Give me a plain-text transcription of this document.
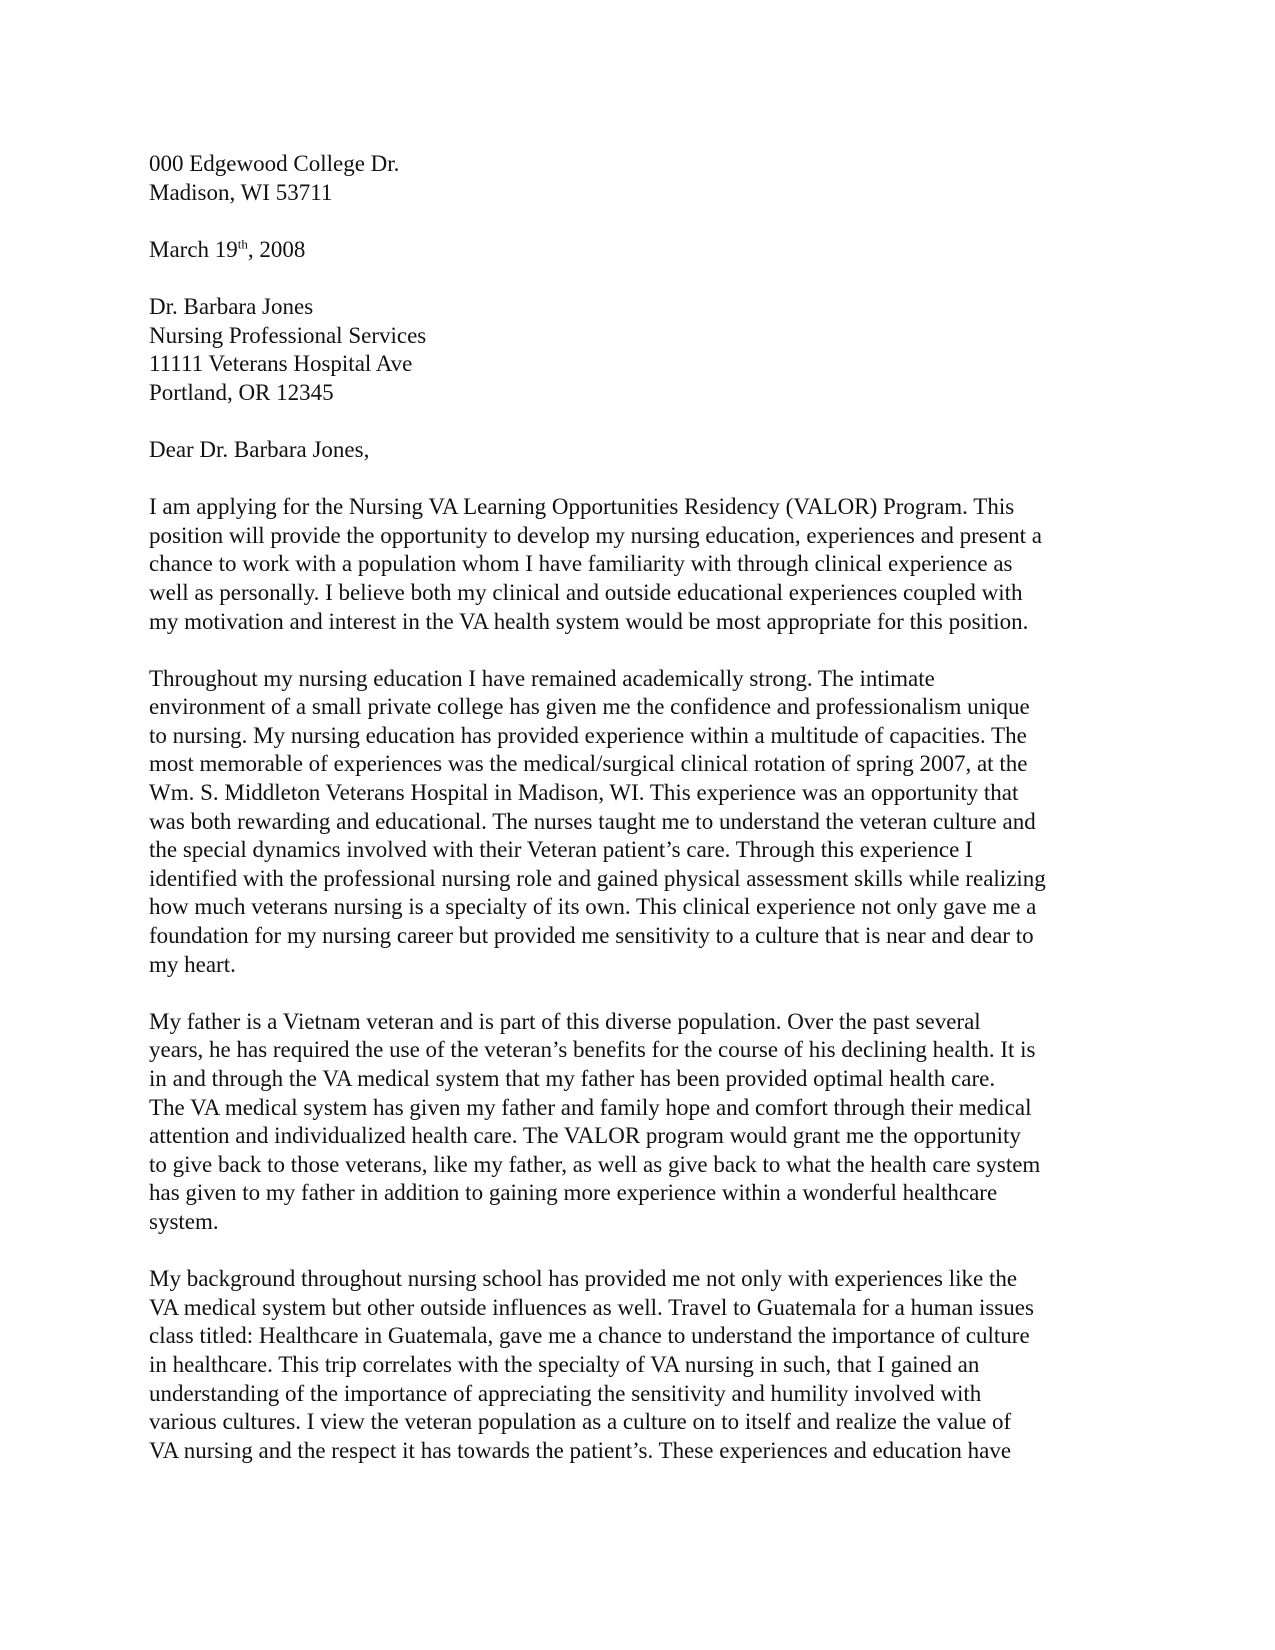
000 Edgewood College Dr.
Madison, WI 53711
March 19th, 2008
Dr. Barbara Jones
Nursing Professional Services
11111 Veterans Hospital Ave
Portland, OR 12345
Dear Dr. Barbara Jones,
I am applying for the Nursing VA Learning Opportunities Residency (VALOR) Program. This
position will provide the opportunity to develop my nursing education, experiences and present a
chance to work with a population whom I have familiarity with through clinical experience as
well as personally. I believe both my clinical and outside educational experiences coupled with
my motivation and interest in the VA health system would be most appropriate for this position.
Throughout my nursing education I have remained academically strong. The intimate
environment of a small private college has given me the confidence and professionalism unique
to nursing. My nursing education has provided experience within a multitude of capacities. The
most memorable of experiences was the medical/surgical clinical rotation of spring 2007, at the
Wm. S. Middleton Veterans Hospital in Madison, WI. This experience was an opportunity that
was both rewarding and educational. The nurses taught me to understand the veteran culture and
the special dynamics involved with their Veteran patient’s care. Through this experience I
identified with the professional nursing role and gained physical assessment skills while realizing
how much veterans nursing is a specialty of its own. This clinical experience not only gave me a
foundation for my nursing career but provided me sensitivity to a culture that is near and dear to
my heart.
My father is a Vietnam veteran and is part of this diverse population. Over the past several
years, he has required the use of the veteran’s benefits for the course of his declining health. It is
in and through the VA medical system that my father has been provided optimal health care.
The VA medical system has given my father and family hope and comfort through their medical
attention and individualized health care. The VALOR program would grant me the opportunity
to give back to those veterans, like my father, as well as give back to what the health care system
has given to my father in addition to gaining more experience within a wonderful healthcare
system.
My background throughout nursing school has provided me not only with experiences like the
VA medical system but other outside influences as well. Travel to Guatemala for a human issues
class titled: Healthcare in Guatemala, gave me a chance to understand the importance of culture
in healthcare. This trip correlates with the specialty of VA nursing in such, that I gained an
understanding of the importance of appreciating the sensitivity and humility involved with
various cultures. I view the veteran population as a culture on to itself and realize the value of
VA nursing and the respect it has towards the patient’s. These experiences and education have
